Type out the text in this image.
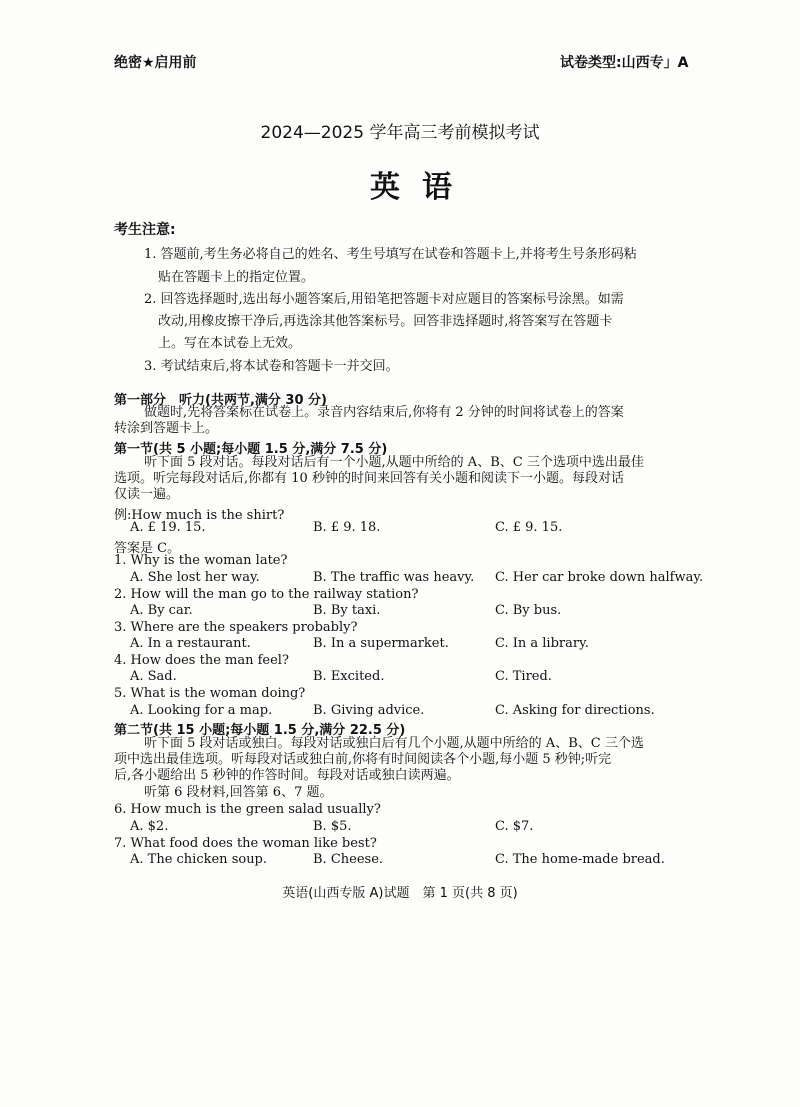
绝密★启用前	试卷类型:山西专」A
2024—2025 学年高三考前模拟考试
英语
考生注意:
1. 答题前,考生务必将自己的姓名、考生号填写在试卷和答题卡上,并将考生号条形码粘
贴在答题卡上的指定位置。
2. 回答选择题时,选出每小题答案后,用铅笔把答题卡对应题目的答案标号涂黑。如需
改动,用橡皮擦干净后,再选涂其他答案标号。回答非选择题时,将答案写在答题卡
上。写在本试卷上无效。
3. 考试结束后,将本试卷和答题卡一并交回。
第一部分　听力(共两节,满分 30 分)
做题时,先将答案标在试卷上。录音内容结束后,你将有 2 分钟的时间将试卷上的答案
转涂到答题卡上。
第一节(共 5 小题;每小题 1.5 分,满分 7.5 分)
听下面 5 段对话。每段对话后有一个小题,从题中所给的 A、B、C 三个选项中选出最佳
选项。听完每段对话后,你都有 10 秒钟的时间来回答有关小题和阅读下一小题。每段对话
仅读一遍。
例:How much is the shirt?
A. £ 19. 15.	B. £ 9. 18.	C. £ 9. 15.
答案是 C。
1. Why is the woman late?
A. She lost her way.	B. The traffic was heavy. C. Her car broke down halfway.
2. How will the man go to the railway station?
A. By car.	B. By taxi.	C. By bus.
3. Where are the speakers probably?
A. In a restaurant.	B. In a supermarket.	C. In a library.
4. How does the man feel?
A. Sad.	B. Excited.	C. Tired.
5. What is the woman doing?
A. Looking for a map.	B. Giving advice.	C. Asking for directions.
第二节(共 15 小题;每小题 1.5 分,满分 22.5 分)
听下面 5 段对话或独白。每段对话或独白后有几个小题,从题中所给的 A、B、C 三个选
项中选出最佳选项。听每段对话或独白前,你将有时间阅读各个小题,每小题 5 秒钟;听完
后,各小题给出 5 秒钟的作答时间。每段对话或独白读两遍。
听第 6 段材料,回答第 6、7 题。
6. How much is the green salad usually?
A. $2.	B. $5.	C. $7.
7. What food does the woman like best?
A. The chicken soup.	B. Cheese.	C. The home-made bread.
英语(山西专版 A)试题　第 1 页(共 8 页)
